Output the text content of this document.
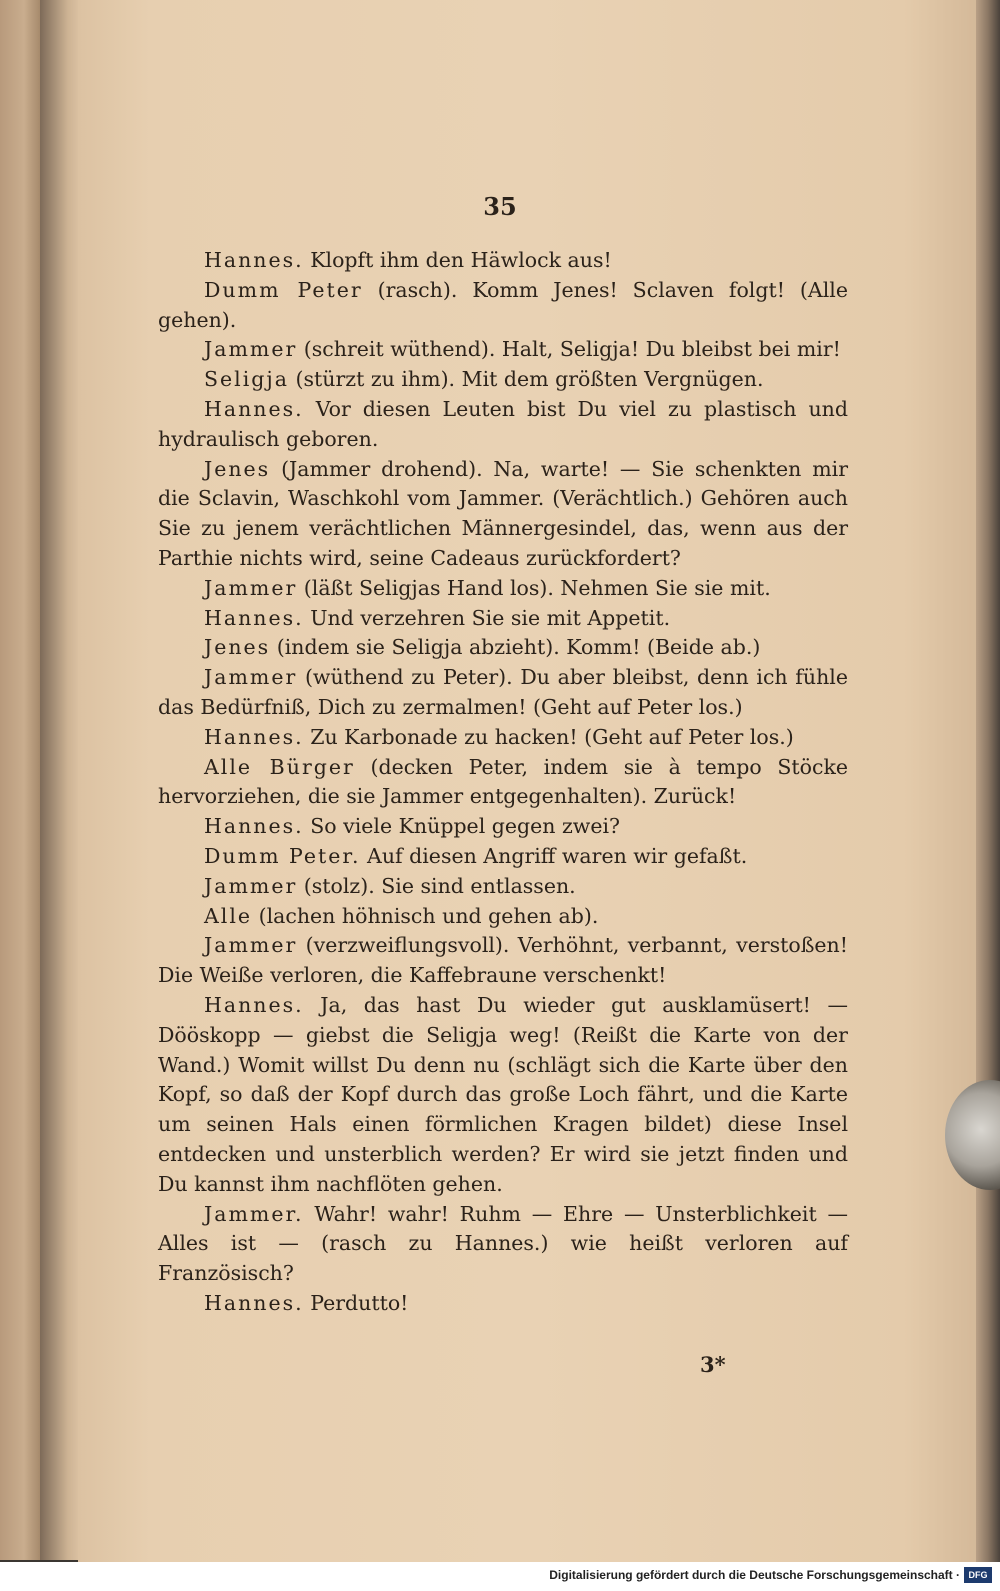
35

Hannes. Klopft ihm den Häwlock aus!

Dumm Peter (rasch). Komm Jenes! Sclaven folgt! (Alle gehen).

Jammer (schreit wüthend). Halt, Seligja! Du bleibst bei mir!

Seligja (stürzt zu ihm). Mit dem größten Vergnügen.

Hannes. Vor diesen Leuten bist Du viel zu plastisch und hydraulisch geboren.

Jenes (Jammer drohend). Na, warte! — Sie schenkten mir die Sclavin, Waschkohl vom Jammer. (Verächtlich.) Gehören auch Sie zu jenem verächtlichen Männergesindel, das, wenn aus der Parthie nichts wird, seine Cadeaus zurückfordert?

Jammer (läßt Seligjas Hand los). Nehmen Sie sie mit.

Hannes. Und verzehren Sie sie mit Appetit.

Jenes (indem sie Seligja abzieht). Komm! (Beide ab.)

Jammer (wüthend zu Peter). Du aber bleibst, denn ich fühle das Bedürfniß, Dich zu zermalmen! (Geht auf Peter los.)

Hannes. Zu Karbonade zu hacken! (Geht auf Peter los.)

Alle Bürger (decken Peter, indem sie à tempo Stöcke hervorziehen, die sie Jammer entgegenhalten). Zurück!

Hannes. So viele Knüppel gegen zwei?

Dumm Peter. Auf diesen Angriff waren wir gefaßt.

Jammer (stolz). Sie sind entlassen.

Alle (lachen höhnisch und gehen ab).

Jammer (verzweiflungsvoll). Verhöhnt, verbannt, verstoßen! Die Weiße verloren, die Kaffebraune verschenkt!

Hannes. Ja, das hast Du wieder gut ausklamüsert! — Dööskopp — giebst die Seligja weg! (Reißt die Karte von der Wand.) Womit willst Du denn nu (schlägt sich die Karte über den Kopf, so daß der Kopf durch das große Loch fährt, und die Karte um seinen Hals einen förmlichen Kragen bildet) diese Insel entdecken und unsterblich werden? Er wird sie jetzt finden und Du kannst ihm nachflöten gehen.

Jammer. Wahr! wahr! Ruhm — Ehre — Unsterblichkeit — Alles ist — (rasch zu Hannes.) wie heißt verloren auf Französisch?

Hannes. Perdutto!

3*
Digitalisierung gefördert durch die Deutsche Forschungsgemeinschaft · DFG
